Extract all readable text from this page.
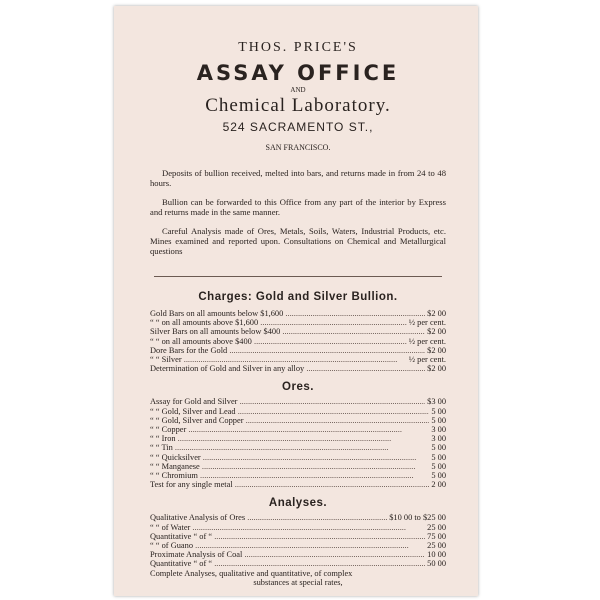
THOS. PRICE'S
ASSAY OFFICE
AND
Chemical Laboratory.
524 SACRAMENTO ST.,
SAN FRANCISCO.

Deposits of bullion received, melted into bars, and returns made in from 24 to 48 hours.

Bullion can be forwarded to this Office from any part of the interior by Express and returns made in the same manner.

Careful Analysis made of Ores, Metals, Soils, Waters, Industrial Products, etc. Mines examined and reported upon. Consultations on Chemical and Metallurgical questions

Charges: Gold and Silver Bullion.
Gold Bars on all amounts below $1,600 .....	$2 00
“ “ on all amounts above $1,600 .....	½ per cent.
Silver Bars on all amounts below $400 .....	$2 00
“ “ on all amounts above $400 .....	½ per cent.
Dore Bars for the Gold .....	$2 00
“ “ Silver .....	½ per cent.
Determination of Gold and Silver in any alloy .....	$2 00
Ores.
Assay for Gold and Silver .....	$3 00
“ “ Gold, Silver and Lead .....	5 00
“ “ Gold, Silver and Copper .....	5 00
“ “ Copper .....	3 00
“ “ Iron .....	3 00
“ “ Tin .....	5 00
“ “ Quicksilver .....	5 00
“ “ Manganese .....	5 00
“ “ Chromium .....	5 00
Test for any single metal .....	2 00
Analyses.
Qualitative Analysis of Ores .....	$10 00 to $25 00
“ “ of Water .....	25 00
Quantitative “ of “ .....	75 00
“ “ of Guano .....	25 00
Proximate Analysis of Coal .....	10 00
Quantitative “ of “ .....	50 00
Complete Analyses, qualitative and quantitative, of complex
substances at special rates,
